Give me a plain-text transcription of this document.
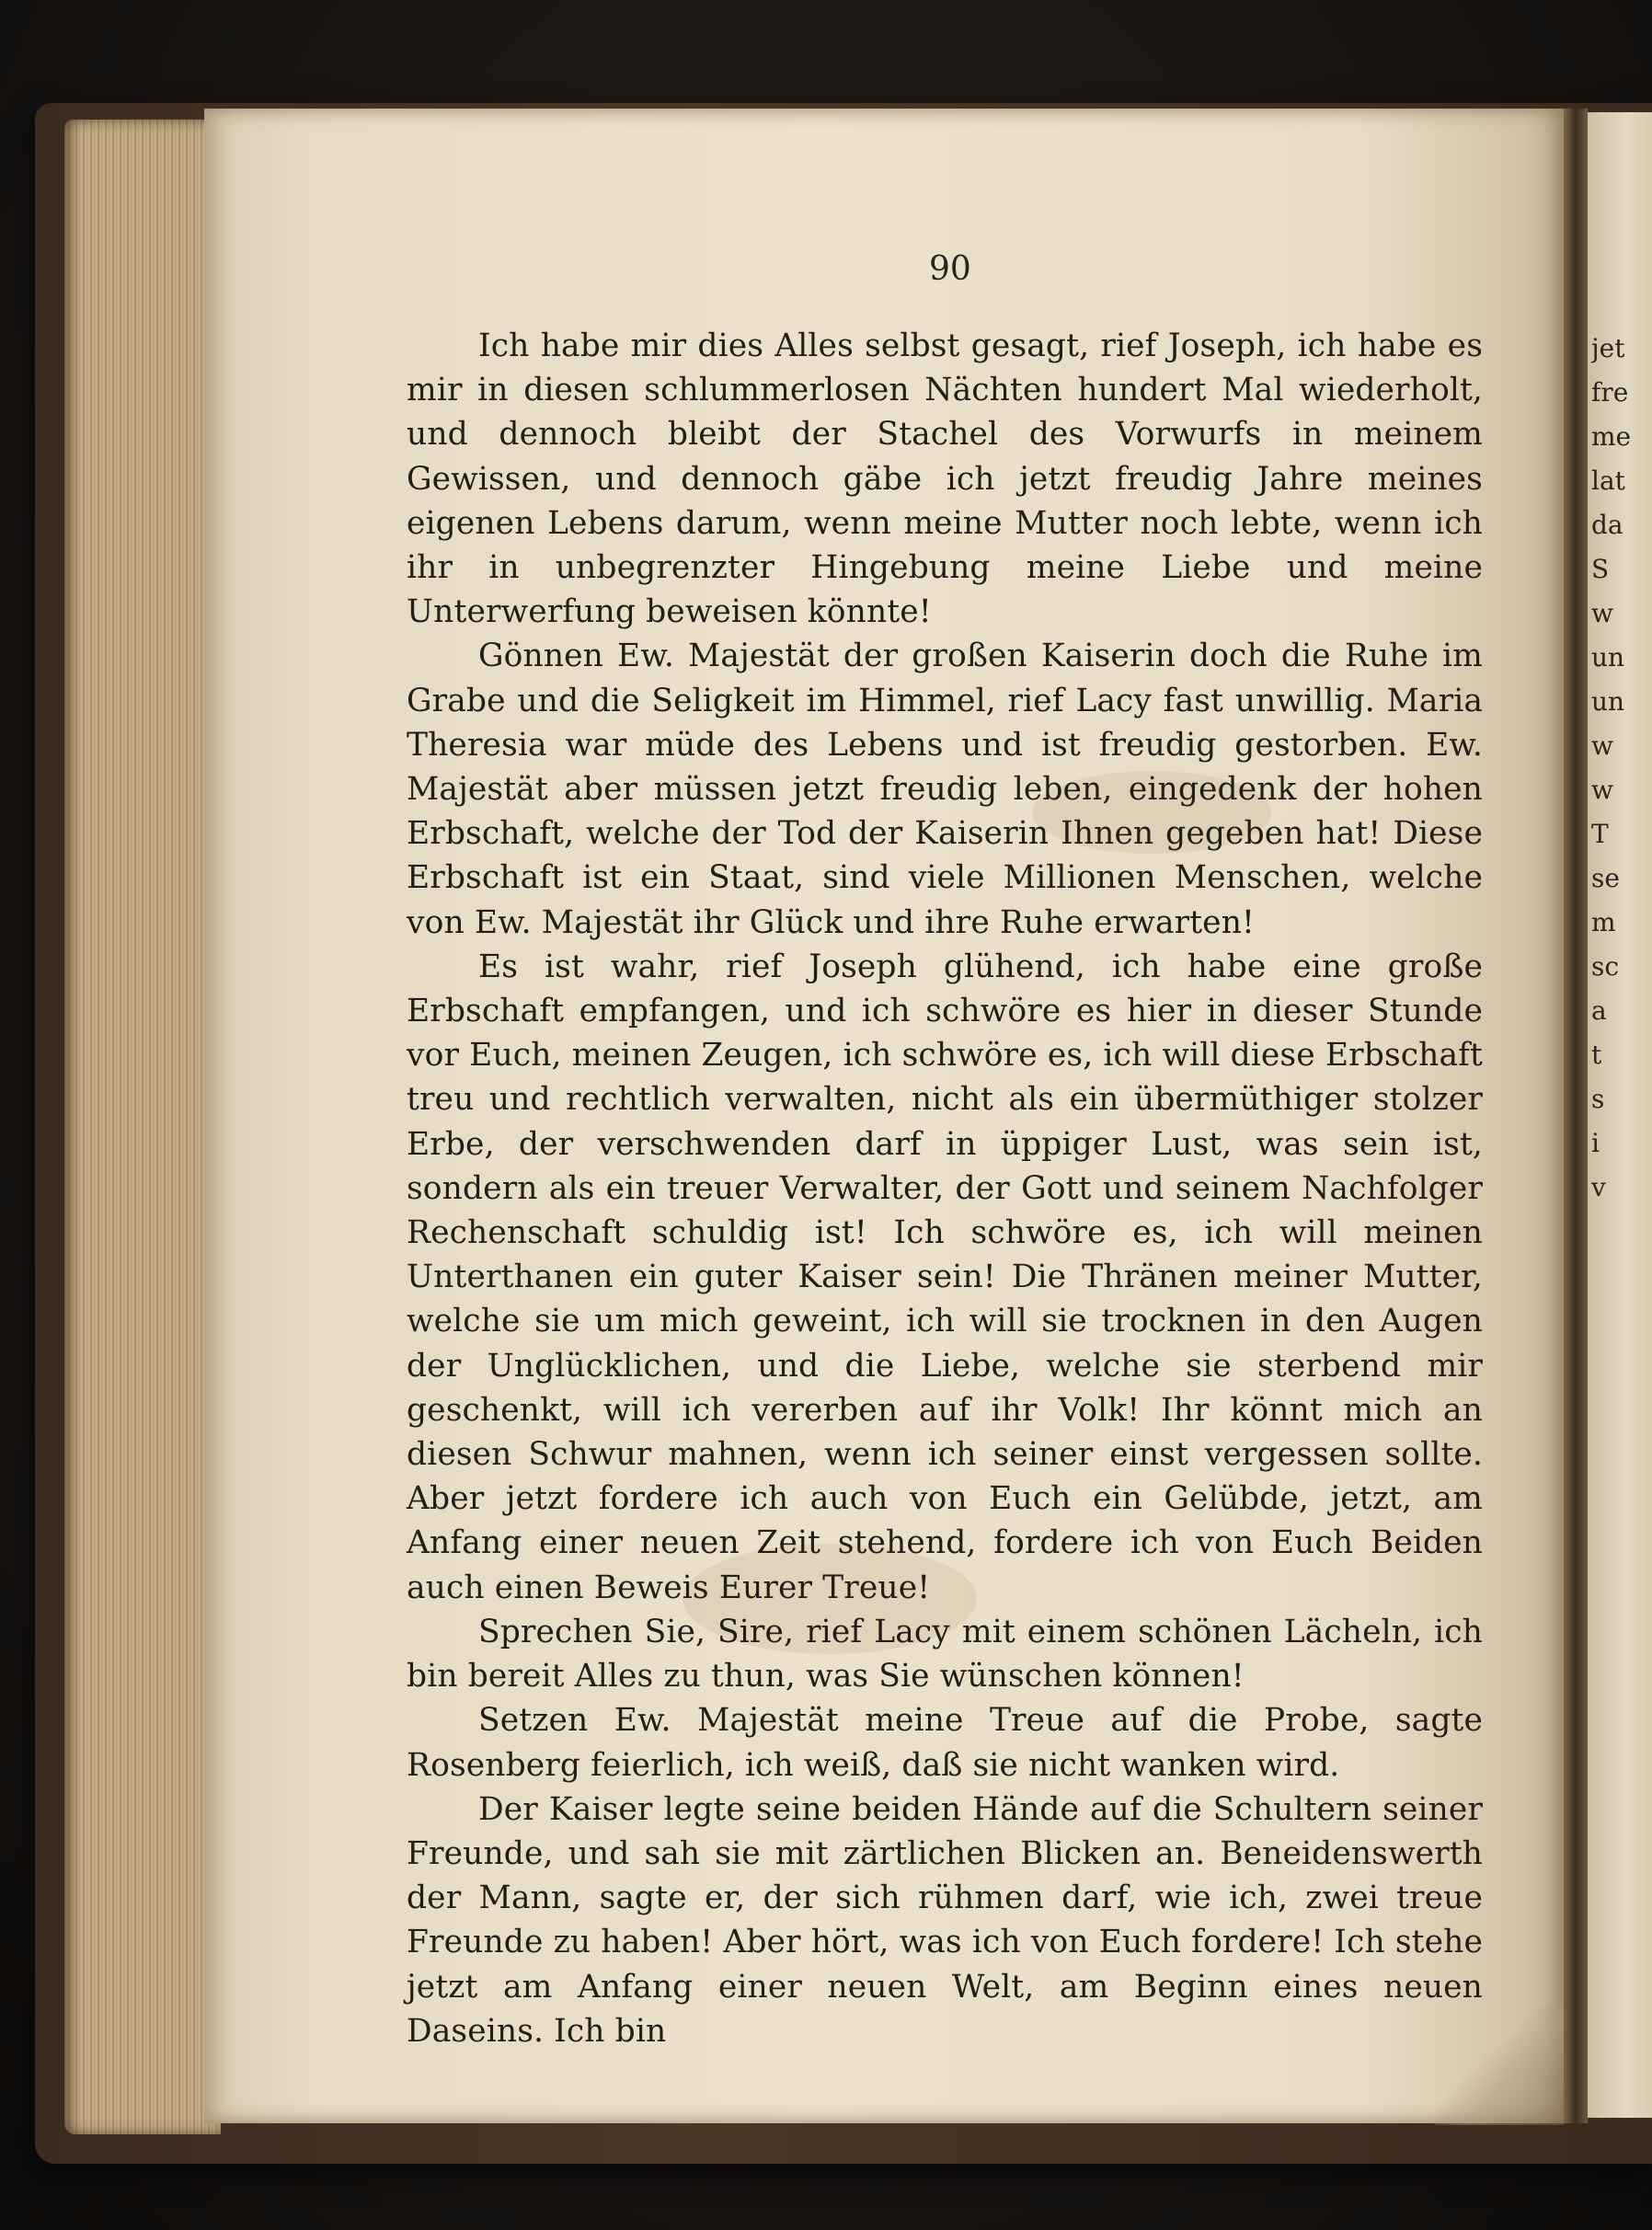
jet
fre
me
lat
da
S
w
un
un
w
w
T
se
m
sc
a
t
s
i
v
90

Ich habe mir dies Alles selbst gesagt, rief Joseph, ich habe es mir in diesen schlummerlosen Nächten hundert Mal wiederholt, und dennoch bleibt der Stachel des Vorwurfs in meinem Gewissen, und dennoch gäbe ich jetzt freudig Jahre meines eigenen Lebens darum, wenn meine Mutter noch lebte, wenn ich ihr in unbegrenzter Hingebung meine Liebe und meine Unterwerfung beweisen könnte!

Gönnen Ew. Majestät der großen Kaiserin doch die Ruhe im Grabe und die Seligkeit im Himmel, rief Lacy fast unwillig. Maria Theresia war müde des Lebens und ist freudig gestorben. Ew. Majestät aber müssen jetzt freudig leben, eingedenk der hohen Erbschaft, welche der Tod der Kaiserin Ihnen gegeben hat! Diese Erbschaft ist ein Staat, sind viele Millionen Menschen, welche von Ew. Majestät ihr Glück und ihre Ruhe erwarten!

Es ist wahr, rief Joseph glühend, ich habe eine große Erbschaft empfangen, und ich schwöre es hier in dieser Stunde vor Euch, meinen Zeugen, ich schwöre es, ich will diese Erbschaft treu und rechtlich verwalten, nicht als ein übermüthiger stolzer Erbe, der verschwenden darf in üppiger Lust, was sein ist, sondern als ein treuer Verwalter, der Gott und seinem Nachfolger Rechenschaft schuldig ist! Ich schwöre es, ich will meinen Unterthanen ein guter Kaiser sein! Die Thränen meiner Mutter, welche sie um mich geweint, ich will sie trocknen in den Augen der Unglücklichen, und die Liebe, welche sie sterbend mir geschenkt, will ich vererben auf ihr Volk! Ihr könnt mich an diesen Schwur mahnen, wenn ich seiner einst vergessen sollte. Aber jetzt fordere ich auch von Euch ein Gelübde, jetzt, am Anfang einer neuen Zeit stehend, fordere ich von Euch Beiden auch einen Beweis Eurer Treue!

Sprechen Sie, Sire, rief Lacy mit einem schönen Lächeln, ich bin bereit Alles zu thun, was Sie wünschen können!

Setzen Ew. Majestät meine Treue auf die Probe, sagte Rosenberg feierlich, ich weiß, daß sie nicht wanken wird.

Der Kaiser legte seine beiden Hände auf die Schultern seiner Freunde, und sah sie mit zärtlichen Blicken an. Beneidenswerth der Mann, sagte er, der sich rühmen darf, wie ich, zwei treue Freunde zu haben! Aber hört, was ich von Euch fordere! Ich stehe jetzt am Anfang einer neuen Welt, am Beginn eines neuen Daseins. Ich bin
